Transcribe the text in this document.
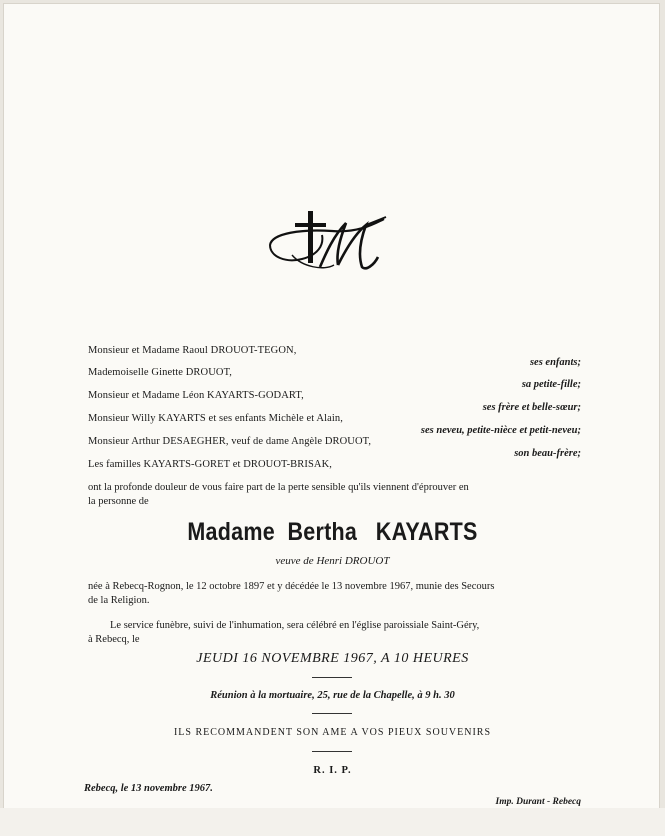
Monsieur et Madame Raoul DROUOT-TEGON,
ses enfants;
Mademoiselle Ginette DROUOT,
sa petite-fille;
Monsieur et Madame Léon KAYARTS-GODART,
ses frère et belle-sœur;
Monsieur Willy KAYARTS et ses enfants Michèle et Alain,
ses neveu, petite-nièce et petit-neveu;
Monsieur Arthur DESAEGHER, veuf de dame Angèle DROUOT,
son beau-frère;
Les familles KAYARTS-GORET et DROUOT-BRISAK,
ont la profonde douleur de vous faire part de la perte sensible qu'ils viennent d'éprouver en
la personne de
Madame Bertha KAYARTS
veuve de Henri DROUOT
née à Rebecq-Rognon, le 12 octobre 1897 et y décédée le 13 novembre 1967, munie des Secours
de la Religion.
Le service funèbre, suivi de l'inhumation, sera célébré en l'église paroissiale Saint-Géry,
à Rebecq, le
JEUDI 16 NOVEMBRE 1967, A 10 HEURES
Réunion à la mortuaire, 25, rue de la Chapelle, à 9 h. 30
ILS RECOMMANDENT SON AME A VOS PIEUX SOUVENIRS
R. I. P.
Rebecq, le 13 novembre 1967.
Imp. Durant - Rebecq
